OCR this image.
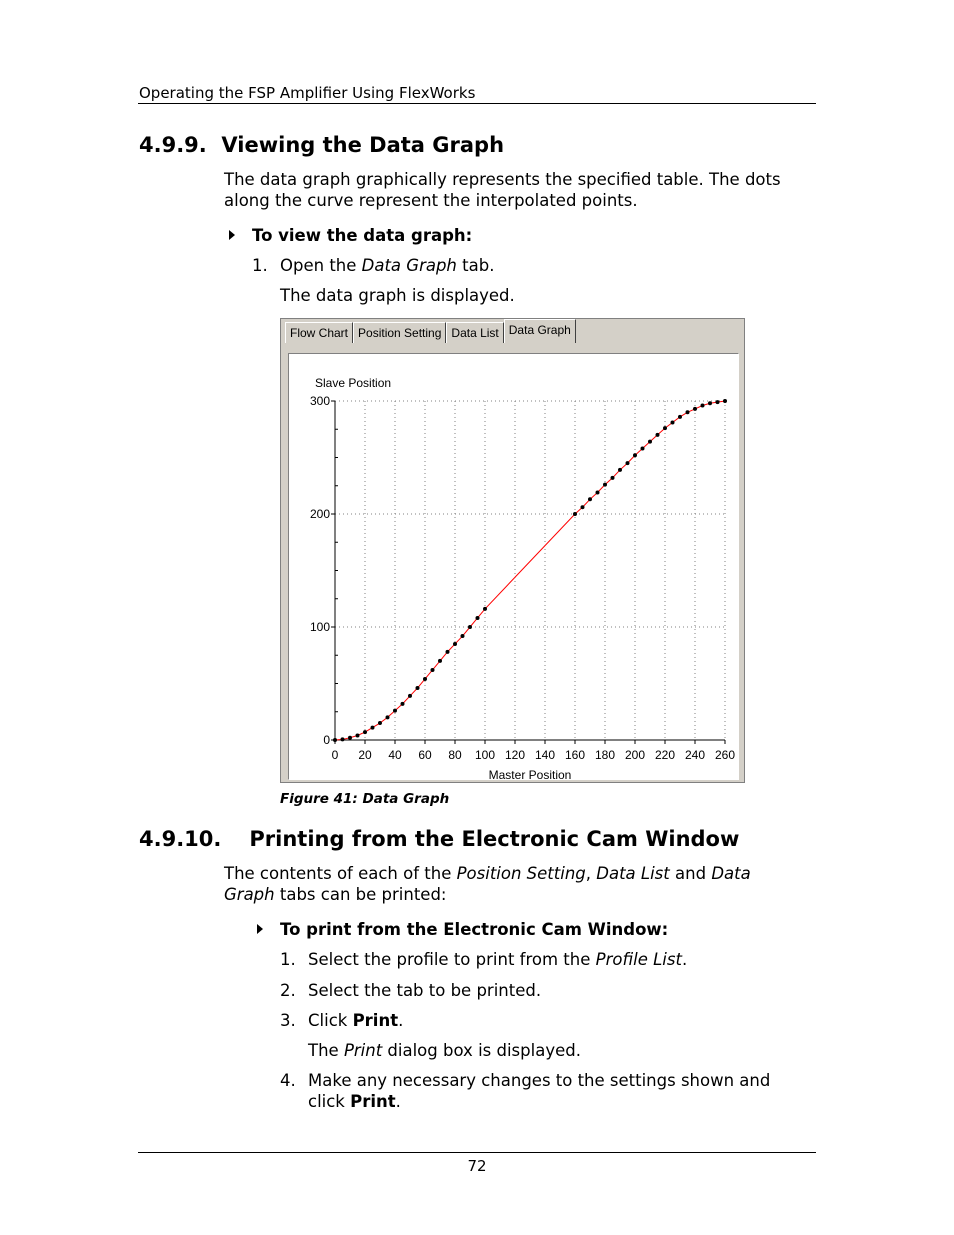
Operating the FSP Amplifier Using FlexWorks
4.9.9. Viewing the Data Graph
The data graph graphically represents the specified table. The dots
along the curve represent the interpolated points.
To view the data graph:
1. Open the Data Graph tab.
The data graph is displayed.
Flow Chart Position Setting Data List Data Graph
0
100
200
300
0 20 40 60 80 100 120 140 160 180 200 220 240 260
Slave Position
Master Position
Figure 41: Data Graph
4.9.10. Printing from the Electronic Cam Window
The contents of each of the Position Setting, Data List and Data
Graph tabs can be printed:
To print from the Electronic Cam Window:
1. Select the profile to print from the Profile List.
2. Select the tab to be printed.
3. Click Print.
The Print dialog box is displayed.
4. Make any necessary changes to the settings shown and
click Print.
72
